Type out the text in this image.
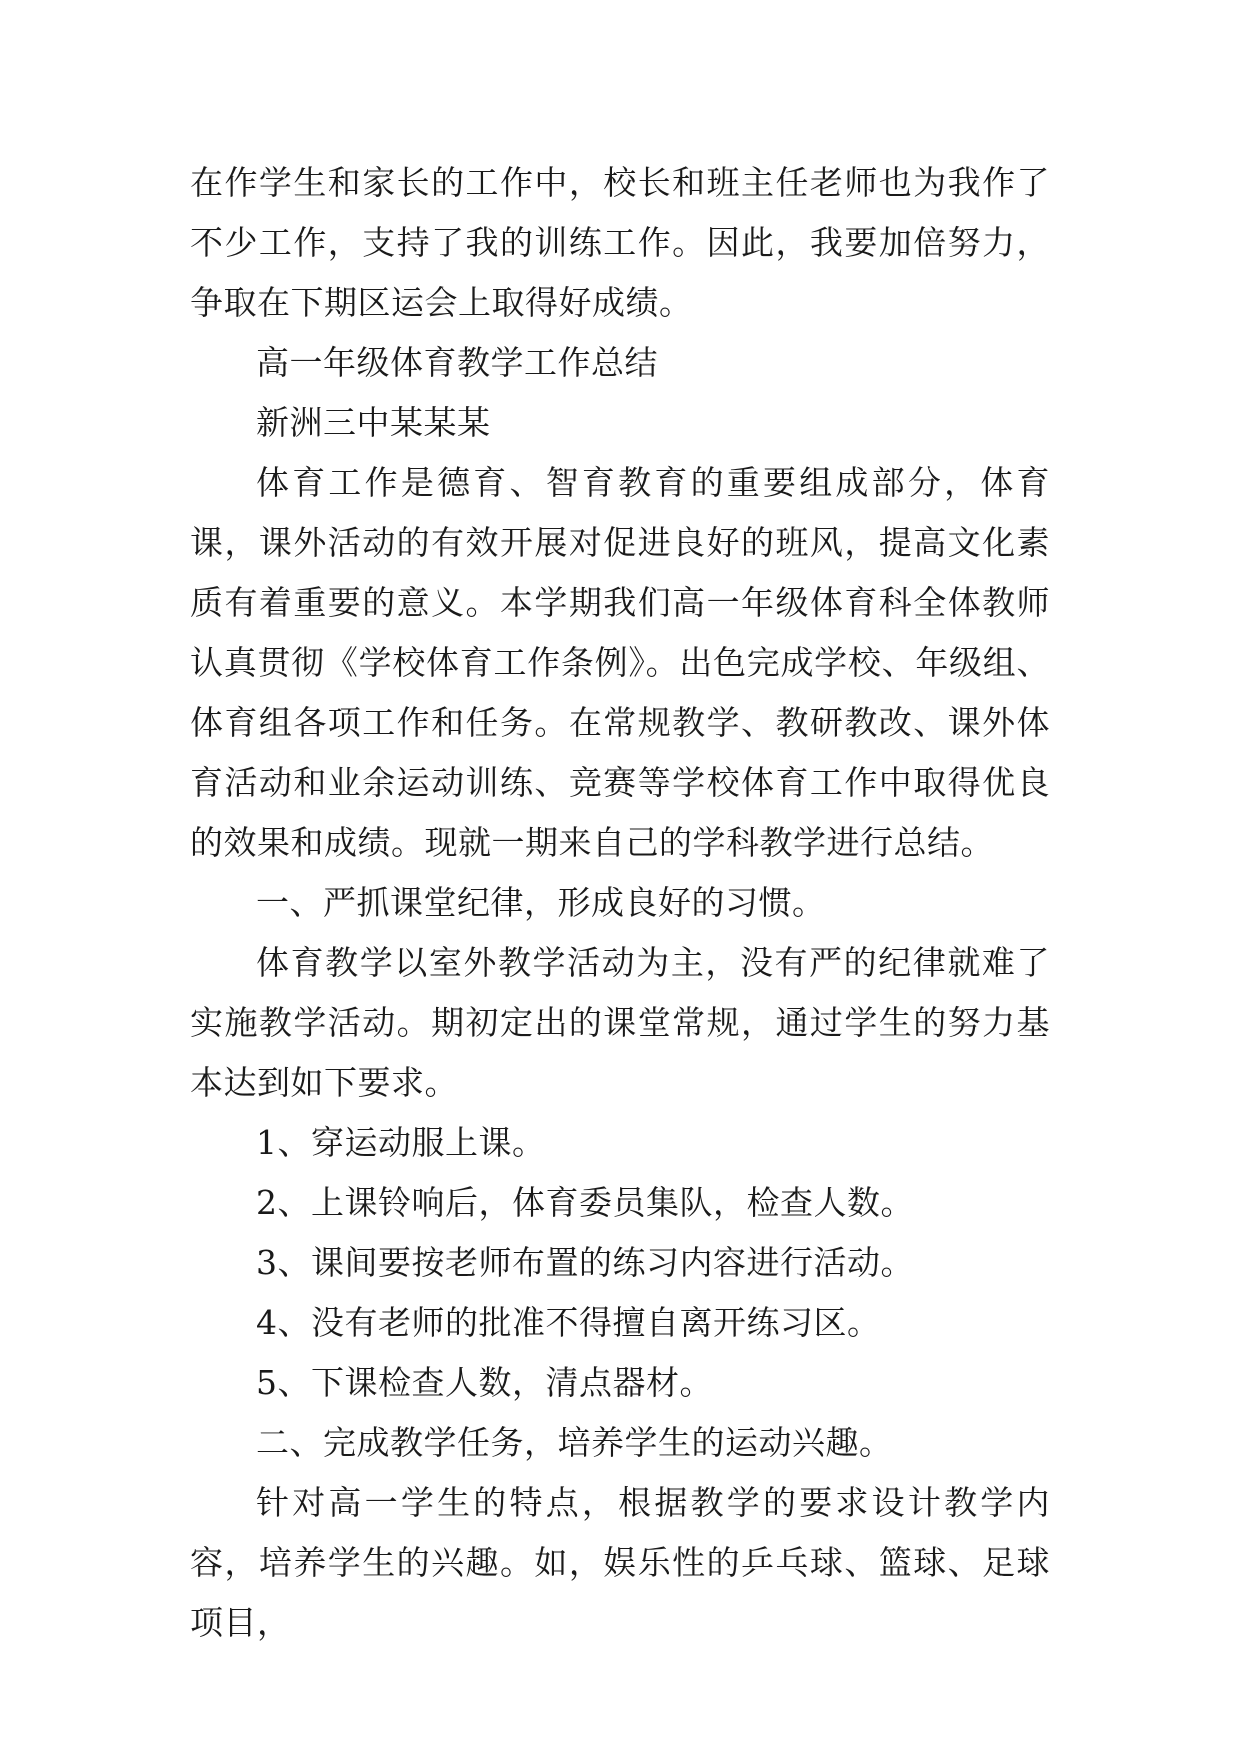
在作学生和家长的工作中，校长和班主任老师也为我作了不少工作，支持了我的训练工作。因此，我要加倍努力，争取在下期区运会上取得好成绩。

高一年级体育教学工作总结

新洲三中某某某

体育工作是德育、智育教育的重要组成部分，体育课，课外活动的有效开展对促进良好的班风，提高文化素质有着重要的意义。本学期我们高一年级体育科全体教师认真贯彻《学校体育工作条例》。出色完成学校、年级组、体育组各项工作和任务。在常规教学、教研教改、课外体育活动和业余运动训练、竞赛等学校体育工作中取得优良的效果和成绩。现就一期来自己的学科教学进行总结。

一、严抓课堂纪律，形成良好的习惯。

体育教学以室外教学活动为主，没有严的纪律就难了实施教学活动。期初定出的课堂常规，通过学生的努力基本达到如下要求。

1、穿运动服上课。

2、上课铃响后，体育委员集队，检查人数。

3、课间要按老师布置的练习内容进行活动。

4、没有老师的批准不得擅自离开练习区。

5、下课检查人数，清点器材。

二、完成教学任务，培养学生的运动兴趣。

针对高一学生的特点，根据教学的要求设计教学内容，培养学生的兴趣。如，娱乐性的乒乓球、篮球、足球项目，
